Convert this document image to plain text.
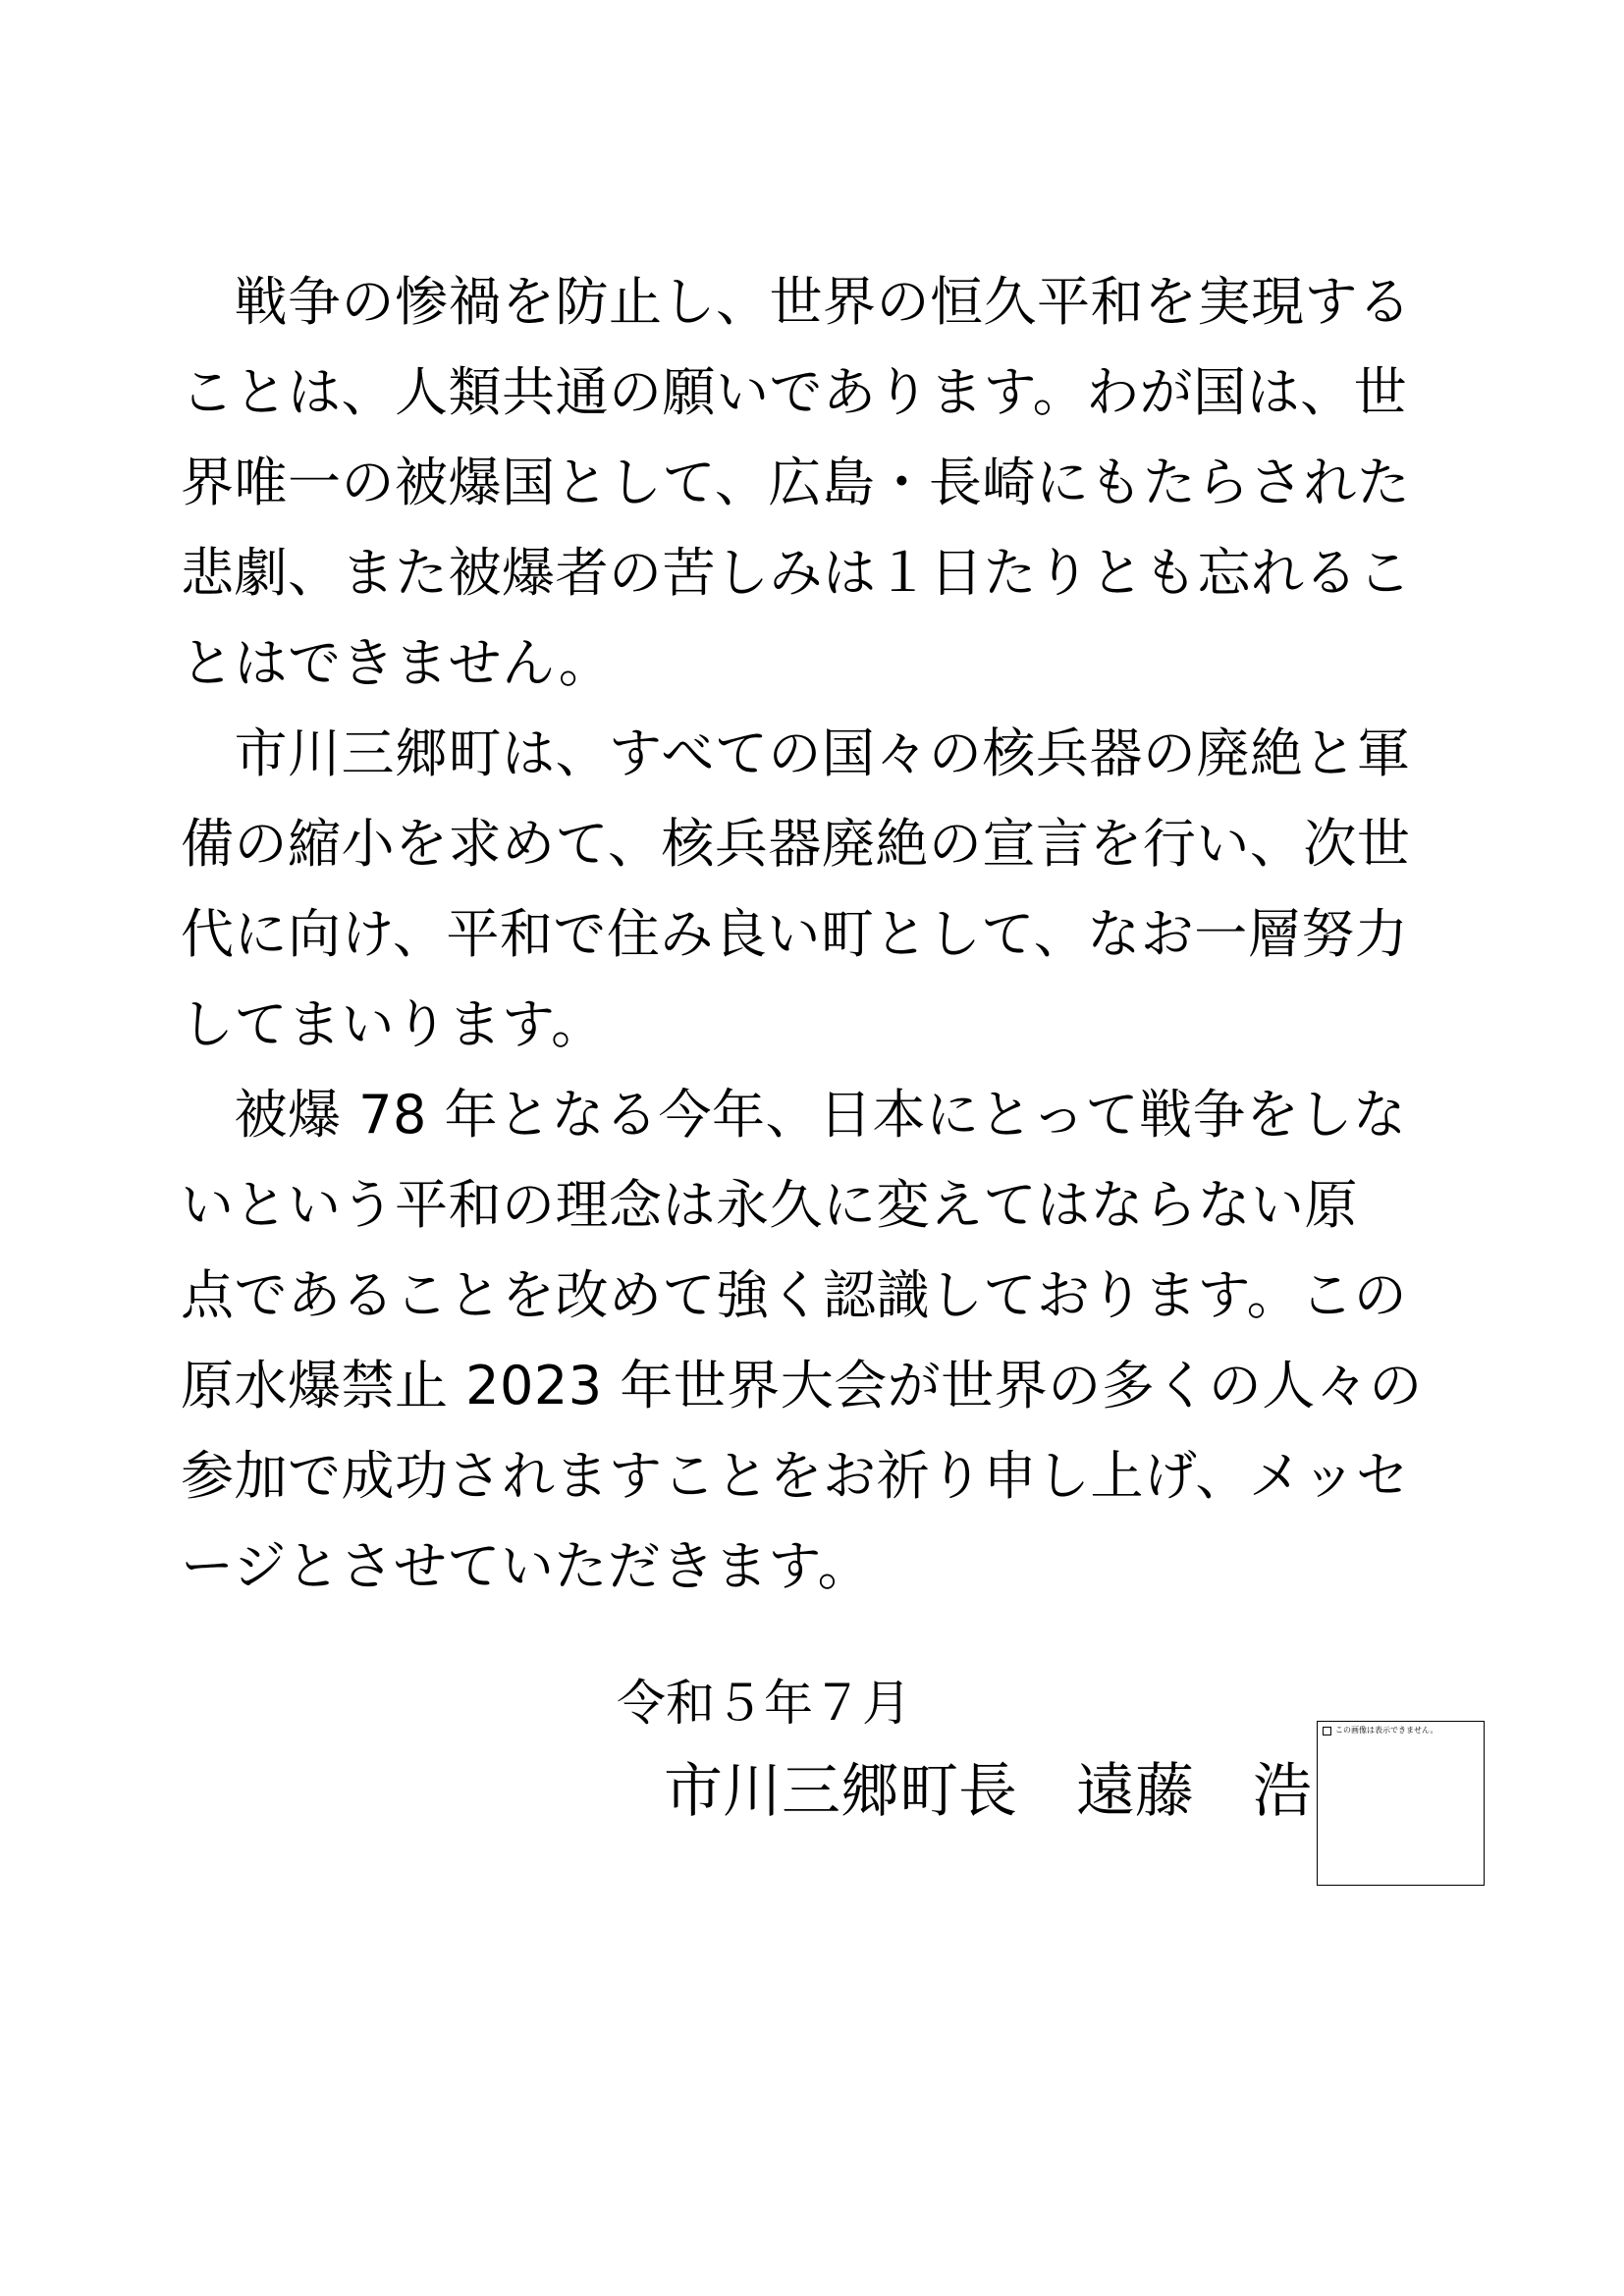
　戦争の惨禍を防止し、世界の恒久平和を実現する
ことは、人類共通の願いであります。わが国は、世
界唯一の被爆国として、広島・長崎にもたらされた
悲劇、また被爆者の苦しみは１日たりとも忘れるこ
とはできません。
　市川三郷町は、すべての国々の核兵器の廃絶と軍
備の縮小を求めて、核兵器廃絶の宣言を行い、次世
代に向け、平和で住み良い町として、なお一層努力
してまいります。
　被爆 78 年となる今年、日本にとって戦争をしな
いという平和の理念は永久に変えてはならない原
点であることを改めて強く認識しております。この
原水爆禁止 2023 年世界大会が世界の多くの人々の
参加で成功されますことをお祈り申し上げ、メッセ
ージとさせていただきます。
令和５年７月
市川三郷町長　遠藤　浩
この画像は表示できません。
